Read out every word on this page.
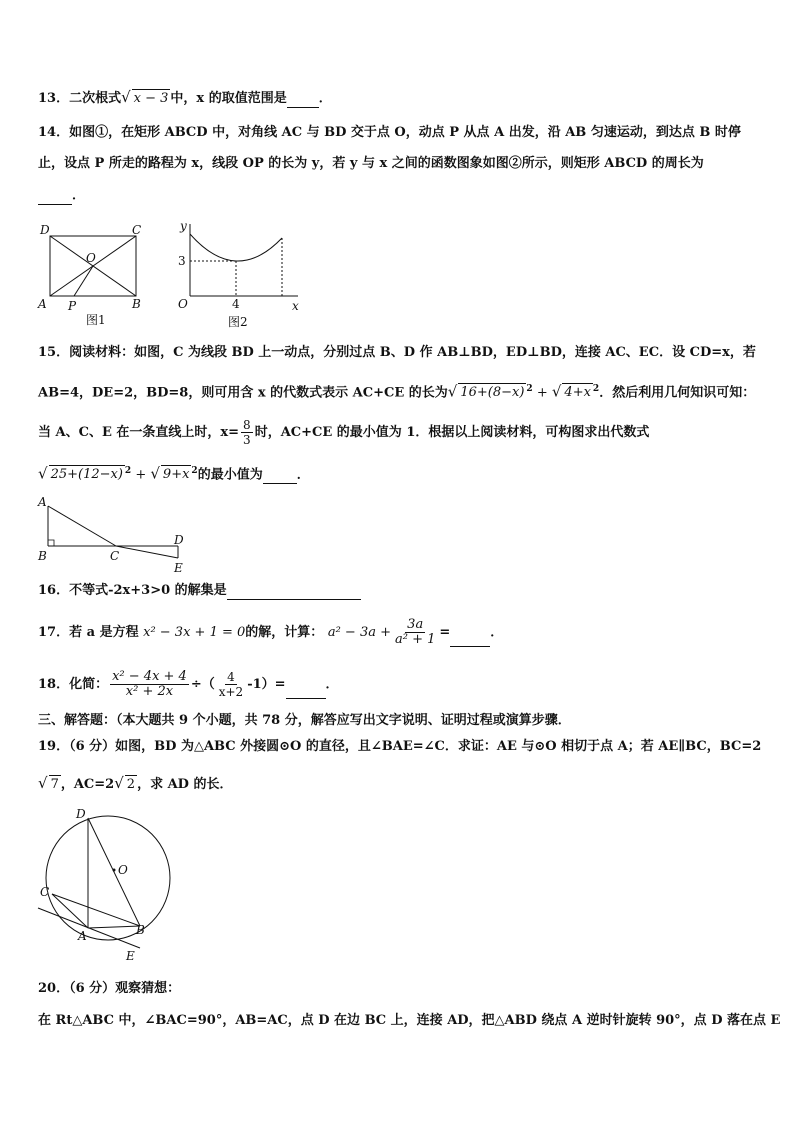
13．二次根式√ x − 3 中，x 的取值范围是 ．
14．如图①，在矩形 ABCD 中，对角线 AC 与 BD 交于点 O，动点 P 从点 A 出发，沿 AB 匀速运动，到达点 B 时停
止，设点 P 所走的路程为 x，线段 OP 的长为 y，若 y 与 x 之间的函数图象如图②所示，则矩形 ABCD 的周长为
．
D	C
O
A P	B
图1
y
x
O
3
4
图2
15．阅读材料：如图，C 为线段 BD 上一动点，分别过点 B、D 作 AB⊥BD，ED⊥BD，连接 AC、EC．设 CD=x，若
AB=4，DE=2，BD=8，则可用含 x 的代数式表示 AC+CE 的长为√ 16+(8−x) $^2$ + √ 4+x $^2$．然后利用几何知识可知：
当 A、C、E 在一条直线上时，$x= \frac{8}{3}$ 时，AC+CE 的最小值为 1．根据以上阅读材料，可构图求出代数式
√ 25+(12−x) $^2$ + √ 9+x $^2$的最小值为	．
A
B	C
D
E
16．不等式-2x+3>0 的解集是
17．若 a 是方程 x² − 3x + 1 = 0的解，计算： $a^2 - 3a + \frac{3a}{\text{a² + 1}}$ =	．
18．化简： $\frac{\text{x² − 4x + 4}}{\text{x² + 2x}}$ ÷（ $\frac{4}{x+2} -1)=$	．
三、解答题：（本大题共 9 个小题，共 78 分，解答应写出文字说明、证明过程或演算步骤．
19．（6 分）如图，BD 为△ABC 外接圆⊙O 的直径，且∠BAE=∠C．求证：AE 与⊙O 相切于点 A；若 AE∥BC，BC=2
√ 7 ，AC=2√ 2 ，求 AD 的长．
D
O
C
A	B
E
20．（6 分）观察猜想：
在 Rt△ABC 中，∠BAC=90°，AB=AC，点 D 在边 BC 上，连接 AD，把△ABD 绕点 A 逆时针旋转 90°，点 D 落在点 E
